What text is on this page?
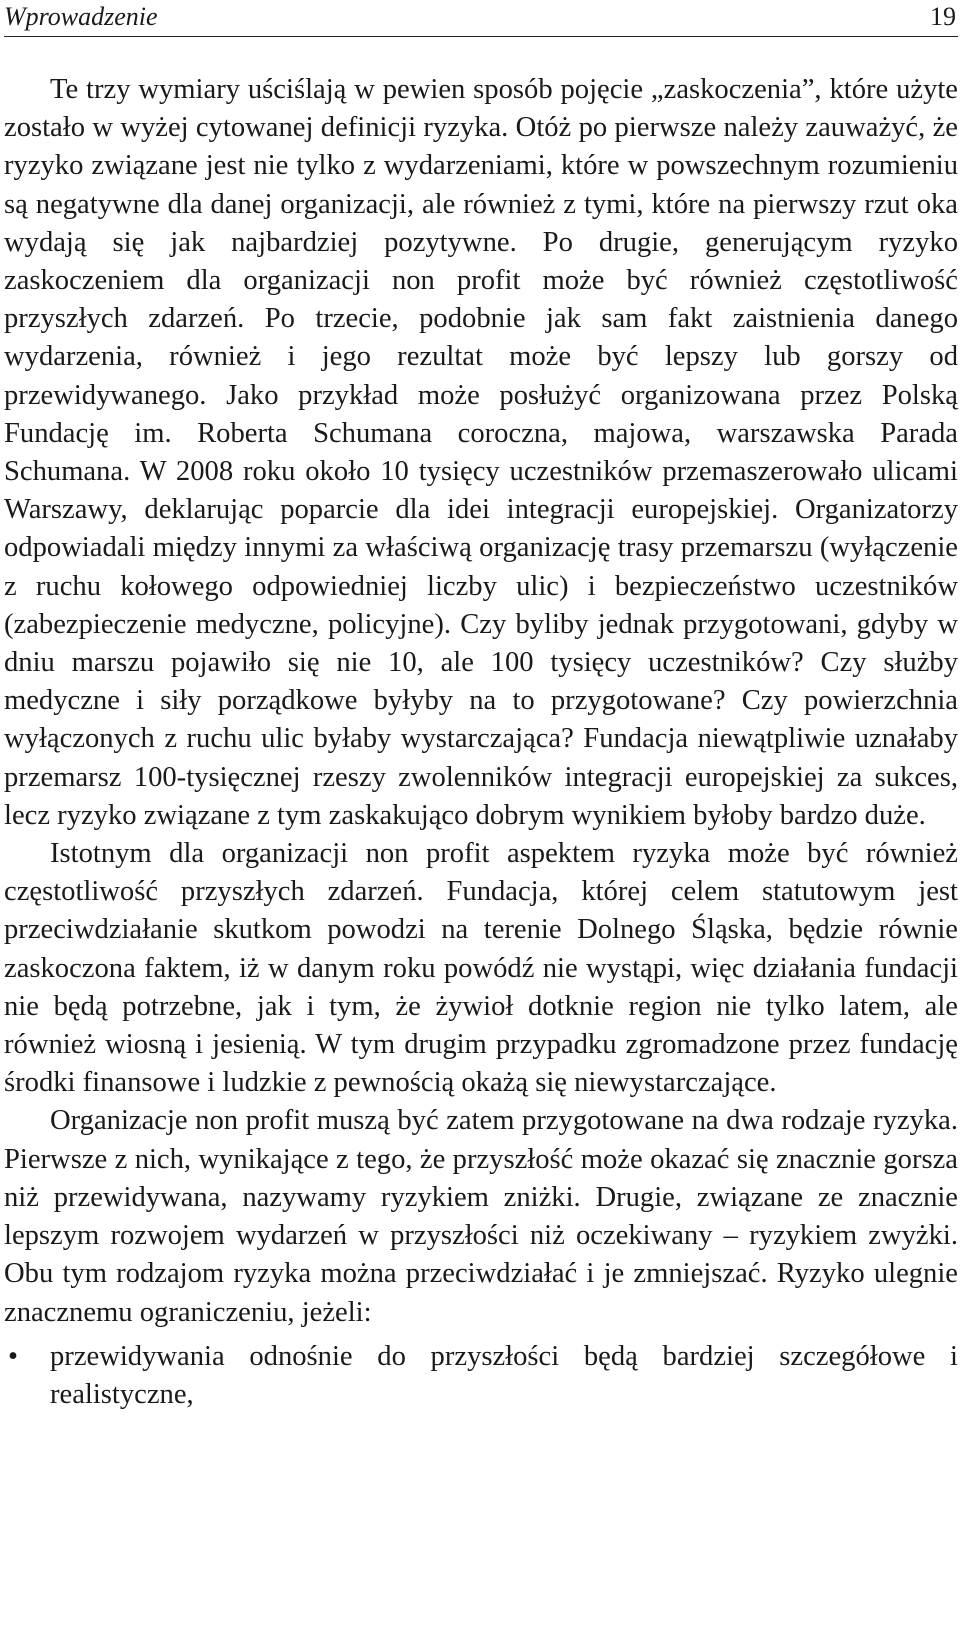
Wprowadzenie	19

Te trzy wymiary uściślają w pewien sposób pojęcie „zaskoczenia”, które użyte zostało w wyżej cytowanej definicji ryzyka. Otóż po pierwsze należy zauważyć, że ryzyko związane jest nie tylko z wydarzeniami, które w powszechnym rozumieniu są negatywne dla danej organizacji, ale również z tymi, które na pierwszy rzut oka wydają się jak najbardziej pozytywne. Po drugie, generującym ryzyko zaskoczeniem dla organizacji non profit może być również częstotliwość przyszłych zdarzeń. Po trzecie, podobnie jak sam fakt zaistnienia danego wydarzenia, również i jego rezultat może być lepszy lub gorszy od przewidywanego. Jako przykład może posłużyć organizowana przez Polską Fundację im. Roberta Schumana coroczna, majowa, warszawska Parada Schumana. W 2008 roku około 10 tysięcy uczestników przemaszerowało ulicami Warszawy, deklarując poparcie dla idei integracji europejskiej. Organizatorzy odpowiadali między innymi za właściwą organizację trasy przemarszu (wyłączenie z ruchu kołowego odpowiedniej liczby ulic) i bezpieczeństwo uczestników (zabezpieczenie medyczne, policyjne). Czy byliby jednak przygotowani, gdyby w dniu marszu pojawiło się nie 10, ale 100 tysięcy uczestników? Czy służby medyczne i siły porządkowe byłyby na to przygotowane? Czy powierzchnia wyłączonych z ruchu ulic byłaby wystarczająca? Fundacja niewątpliwie uznałaby przemarsz 100-tysięcznej rzeszy zwolenników integracji europejskiej za sukces, lecz ryzyko związane z tym zaskakująco dobrym wynikiem byłoby bardzo duże.

Istotnym dla organizacji non profit aspektem ryzyka może być również częstotliwość przyszłych zdarzeń. Fundacja, której celem statutowym jest przeciwdziałanie skutkom powodzi na terenie Dolnego Śląska, będzie równie zaskoczona faktem, iż w danym roku powódź nie wystąpi, więc działania fundacji nie będą potrzebne, jak i tym, że żywioł dotknie region nie tylko latem, ale również wiosną i jesienią. W tym drugim przypadku zgromadzone przez fundację środki finansowe i ludzkie z pewnością okażą się niewystarczające.

Organizacje non profit muszą być zatem przygotowane na dwa rodzaje ryzyka. Pierwsze z nich, wynikające z tego, że przyszłość może okazać się znacznie gorsza niż przewidywana, nazywamy ryzykiem zniżki. Drugie, związane ze znacznie lepszym rozwojem wydarzeń w przyszłości niż oczekiwany – ryzykiem zwyżki. Obu tym rodzajom ryzyka można przeciwdziałać i je zmniejszać. Ryzyko ulegnie znacznemu ograniczeniu, jeżeli:

• przewidywania odnośnie do przyszłości będą bardziej szczegółowe i realistyczne,
